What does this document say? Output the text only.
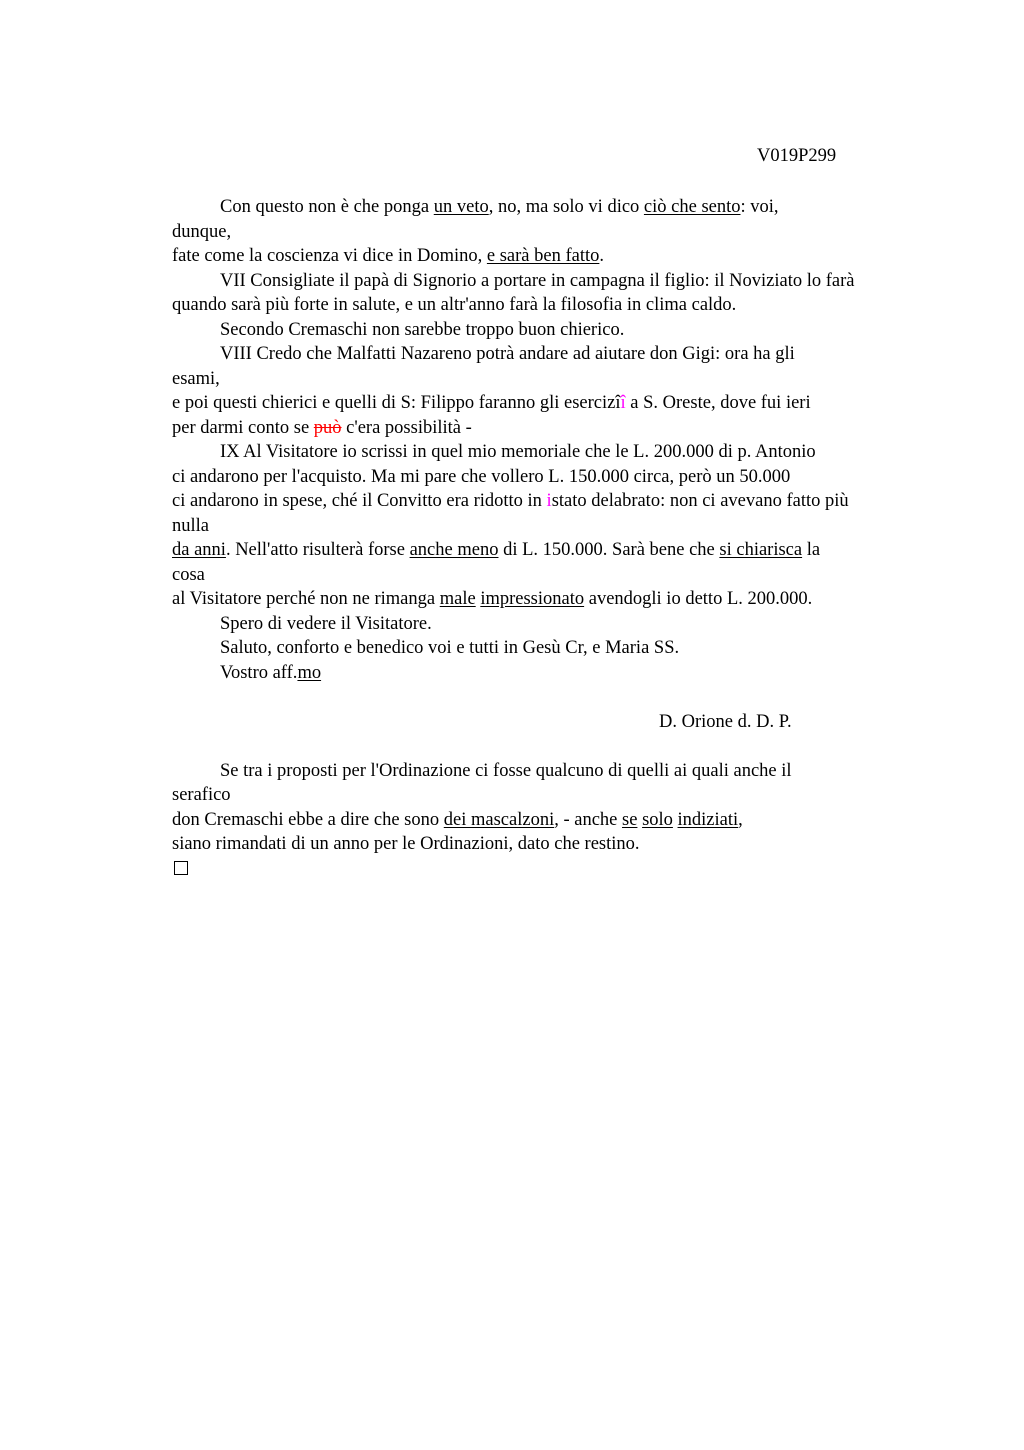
V019P299
Con questo non è che ponga un veto, no, ma solo vi dico ciò che sento: voi,
dunque,
fate come la coscienza vi dice in Domino, e sarà ben fatto.
VII Consigliate il papà di Signorio a portare in campagna il figlio: il Noviziato lo farà
quando sarà più forte in salute, e un altr'anno farà la filosofia in clima caldo.
Secondo Cremaschi non sarebbe troppo buon chierico.
VIII Credo che Malfatti Nazareno potrà andare ad aiutare don Gigi: ora ha gli
esami,
e poi questi chierici e quelli di S: Filippo faranno gli esercizîî a S. Oreste, dove fui ieri
per darmi conto se può c'era possibilità -
IX Al Visitatore io scrissi in quel mio memoriale che le L. 200.000 di p. Antonio
ci andarono per l'acquisto. Ma mi pare che vollero L. 150.000 circa, però un 50.000
ci andarono in spese, ché il Convitto era ridotto in istato delabrato: non ci avevano fatto più
nulla
da anni. Nell'atto risulterà forse anche meno di L. 150.000. Sarà bene che si chiarisca la
cosa
al Visitatore perché non ne rimanga male impressionato avendogli io detto L. 200.000.
Spero di vedere il Visitatore.
Saluto, conforto e benedico voi e tutti in Gesù Cr, e Maria SS.
Vostro aff.mo
D. Orione d. D. P.
Se tra i proposti per l'Ordinazione ci fosse qualcuno di quelli ai quali anche il
serafico
don Cremaschi ebbe a dire che sono dei mascalzoni, - anche se solo indiziati,
siano rimandati di un anno per le Ordinazioni, dato che restino.
